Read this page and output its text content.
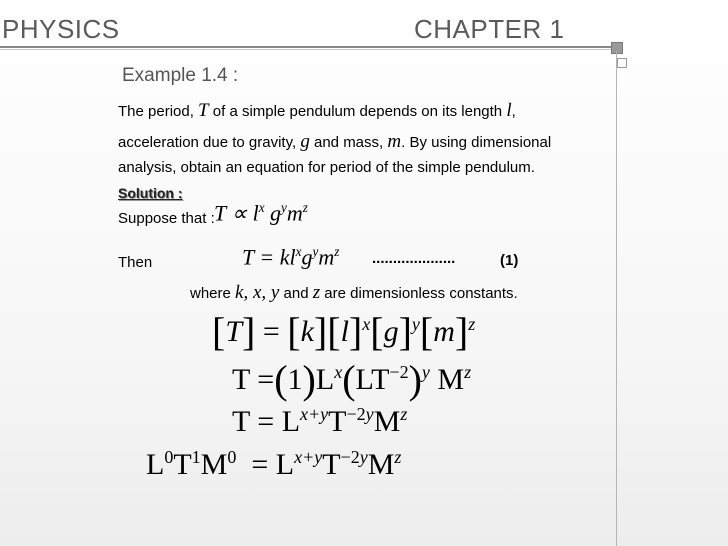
PHYSICS	CHAPTER 1
Example 1.4 :
The period, T of a simple pendulum depends on its length l,
acceleration due to gravity, g and mass, m. By using dimensional
analysis, obtain an equation for period of the simple pendulum.
Solution :
Suppose that : $T \propto l^x$ $g^ym^z$
Then	$T = kl^xg^ym^z$ ....................	(1)
where k, x, y and z are dimensionless constants.
$[T] = [k][l]^x[g]^y[m]^z$
$T =(1)L^x(LT^{-2})^y$ $M^z$
$T = L^{x+y}T^{-2y}M^z$
$L^0T^1M^0 = L^{x+y}T^{-2y}M^z$
